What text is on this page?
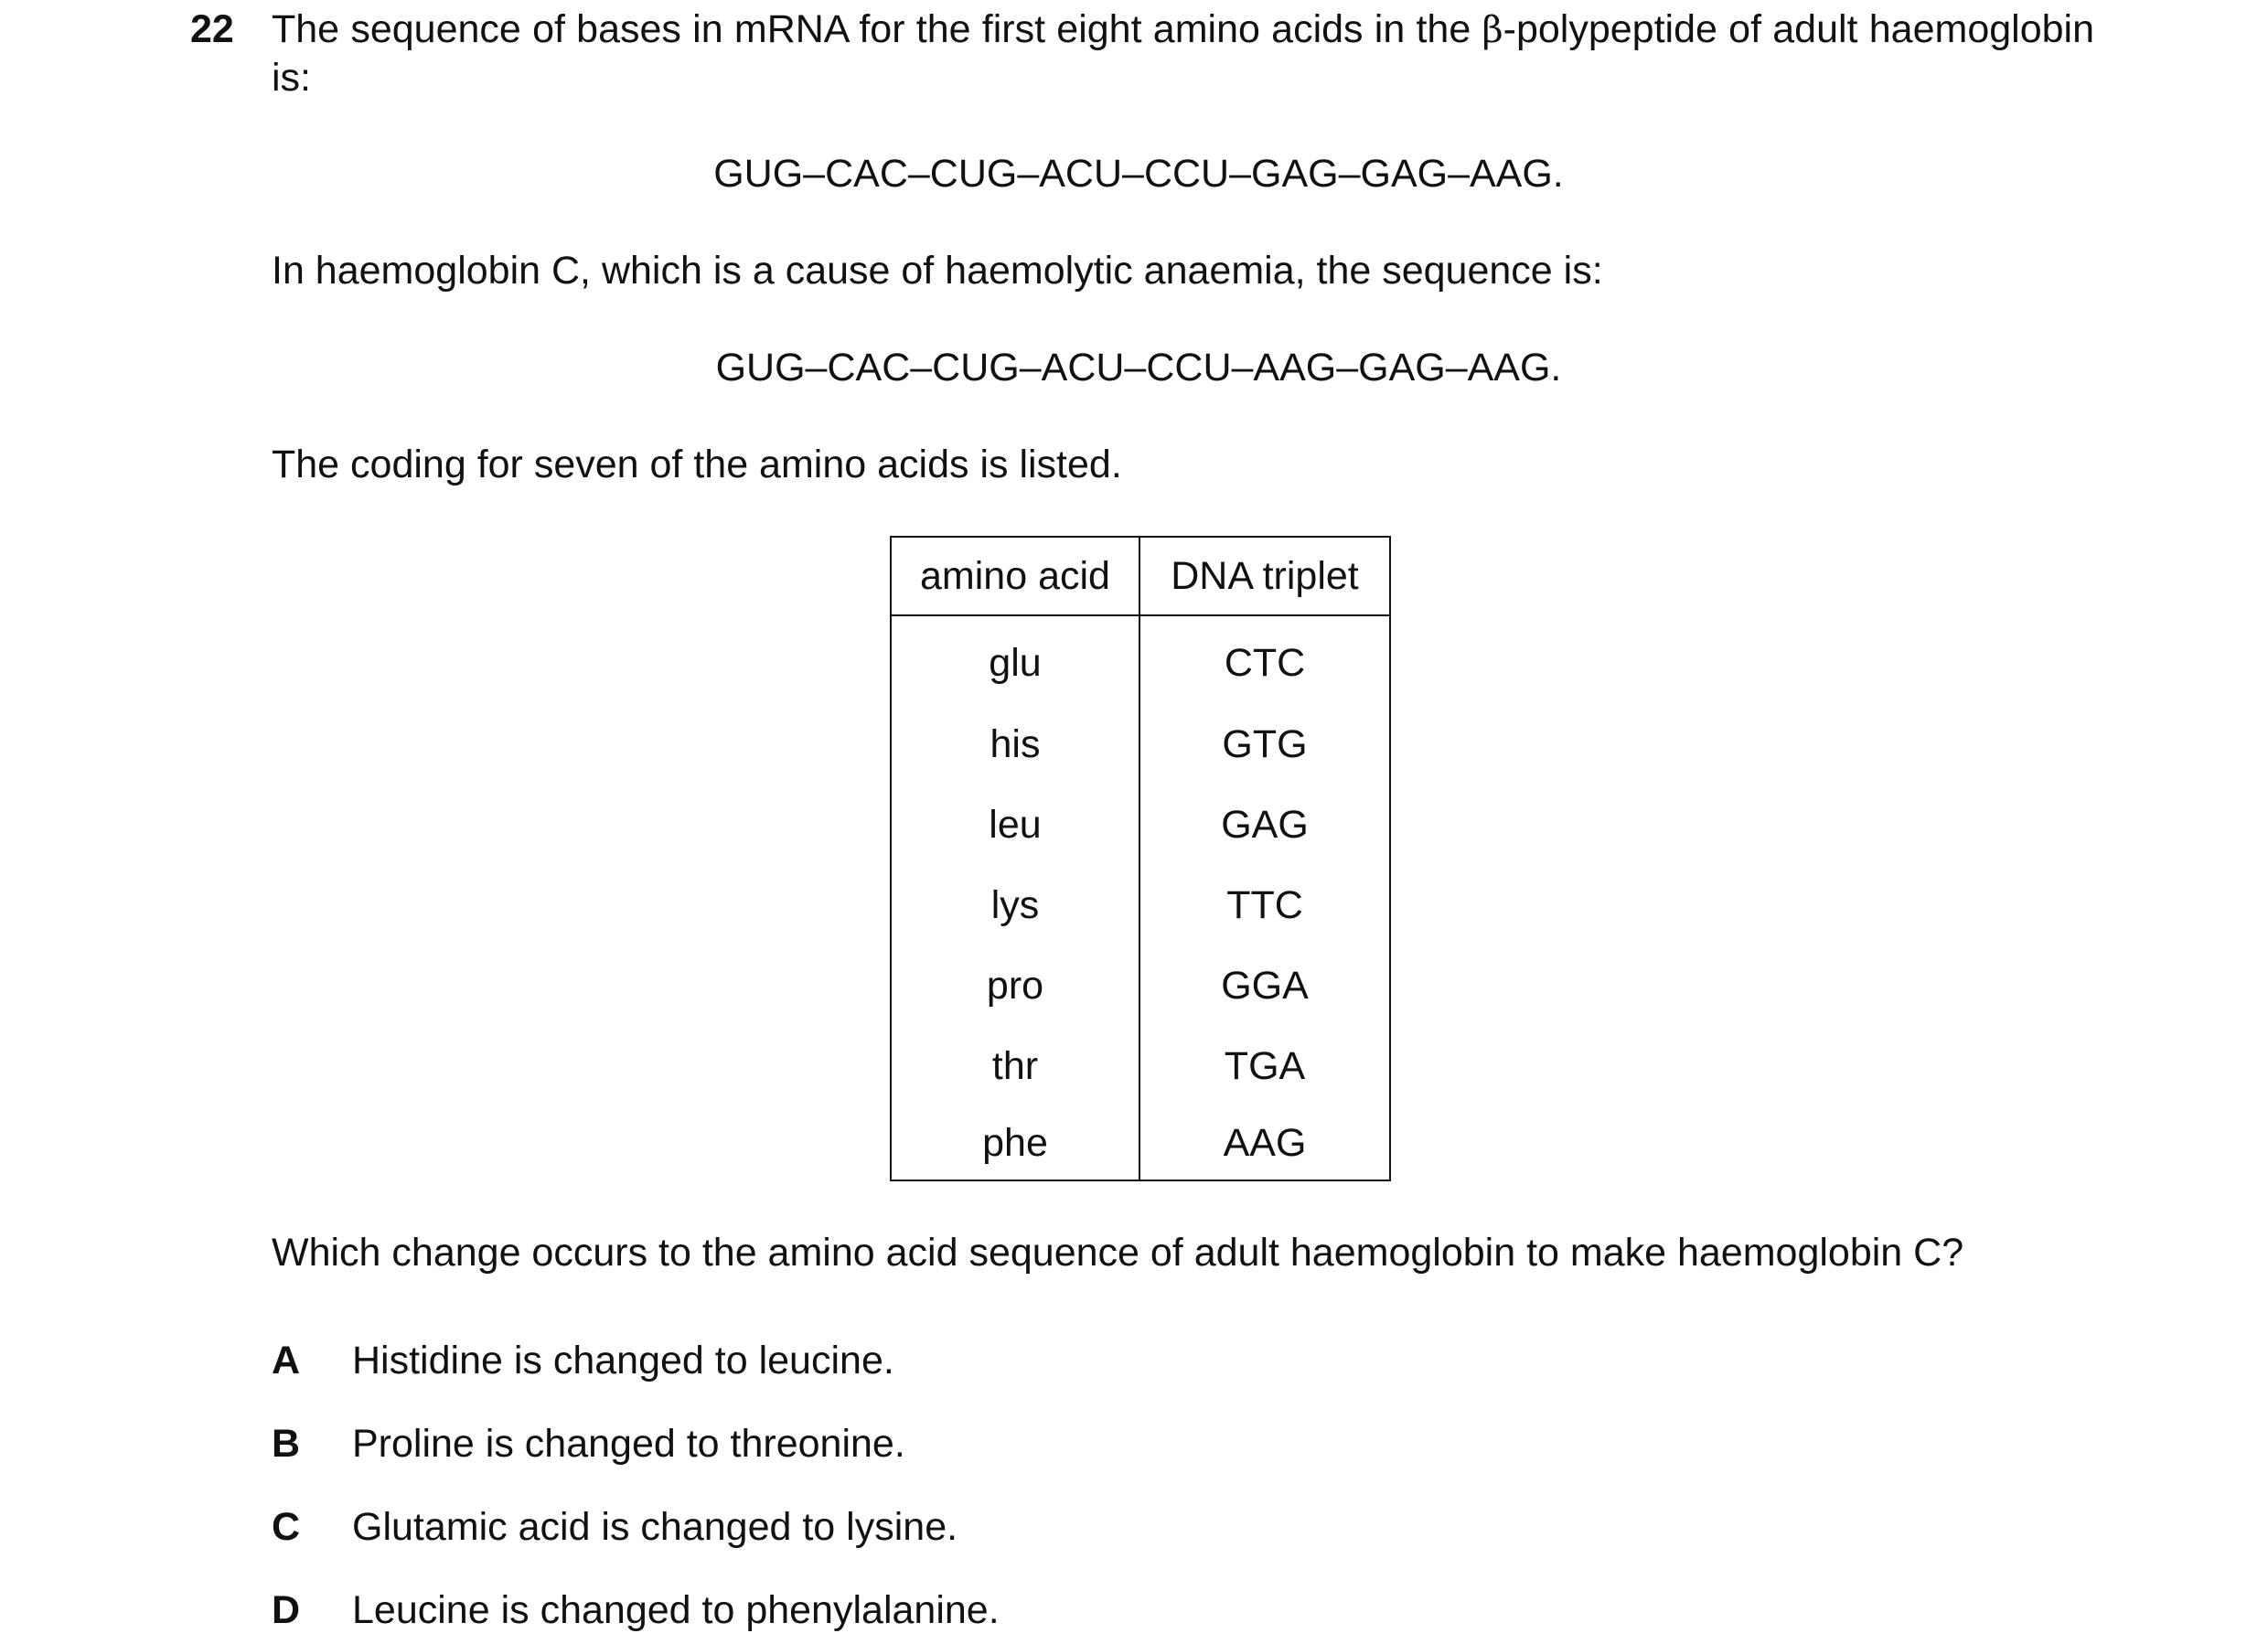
22 The sequence of bases in mRNA for the first eight amino acids in the β-polypeptide of adult haemoglobin is:
GUG–CAC–CUG–ACU–CCU–GAG–GAG–AAG.
In haemoglobin C, which is a cause of haemolytic anaemia, the sequence is:
GUG–CAC–CUG–ACU–CCU–AAG–GAG–AAG.
The coding for seven of the amino acids is listed.
amino acid	DNA triplet
glu	CTC
his	GTG
leu	GAG
lys	TTC
pro	GGA
thr	TGA
phe	AAG
Which change occurs to the amino acid sequence of adult haemoglobin to make haemoglobin C?
A Histidine is changed to leucine.
B Proline is changed to threonine.
C Glutamic acid is changed to lysine.
D Leucine is changed to phenylalanine.
